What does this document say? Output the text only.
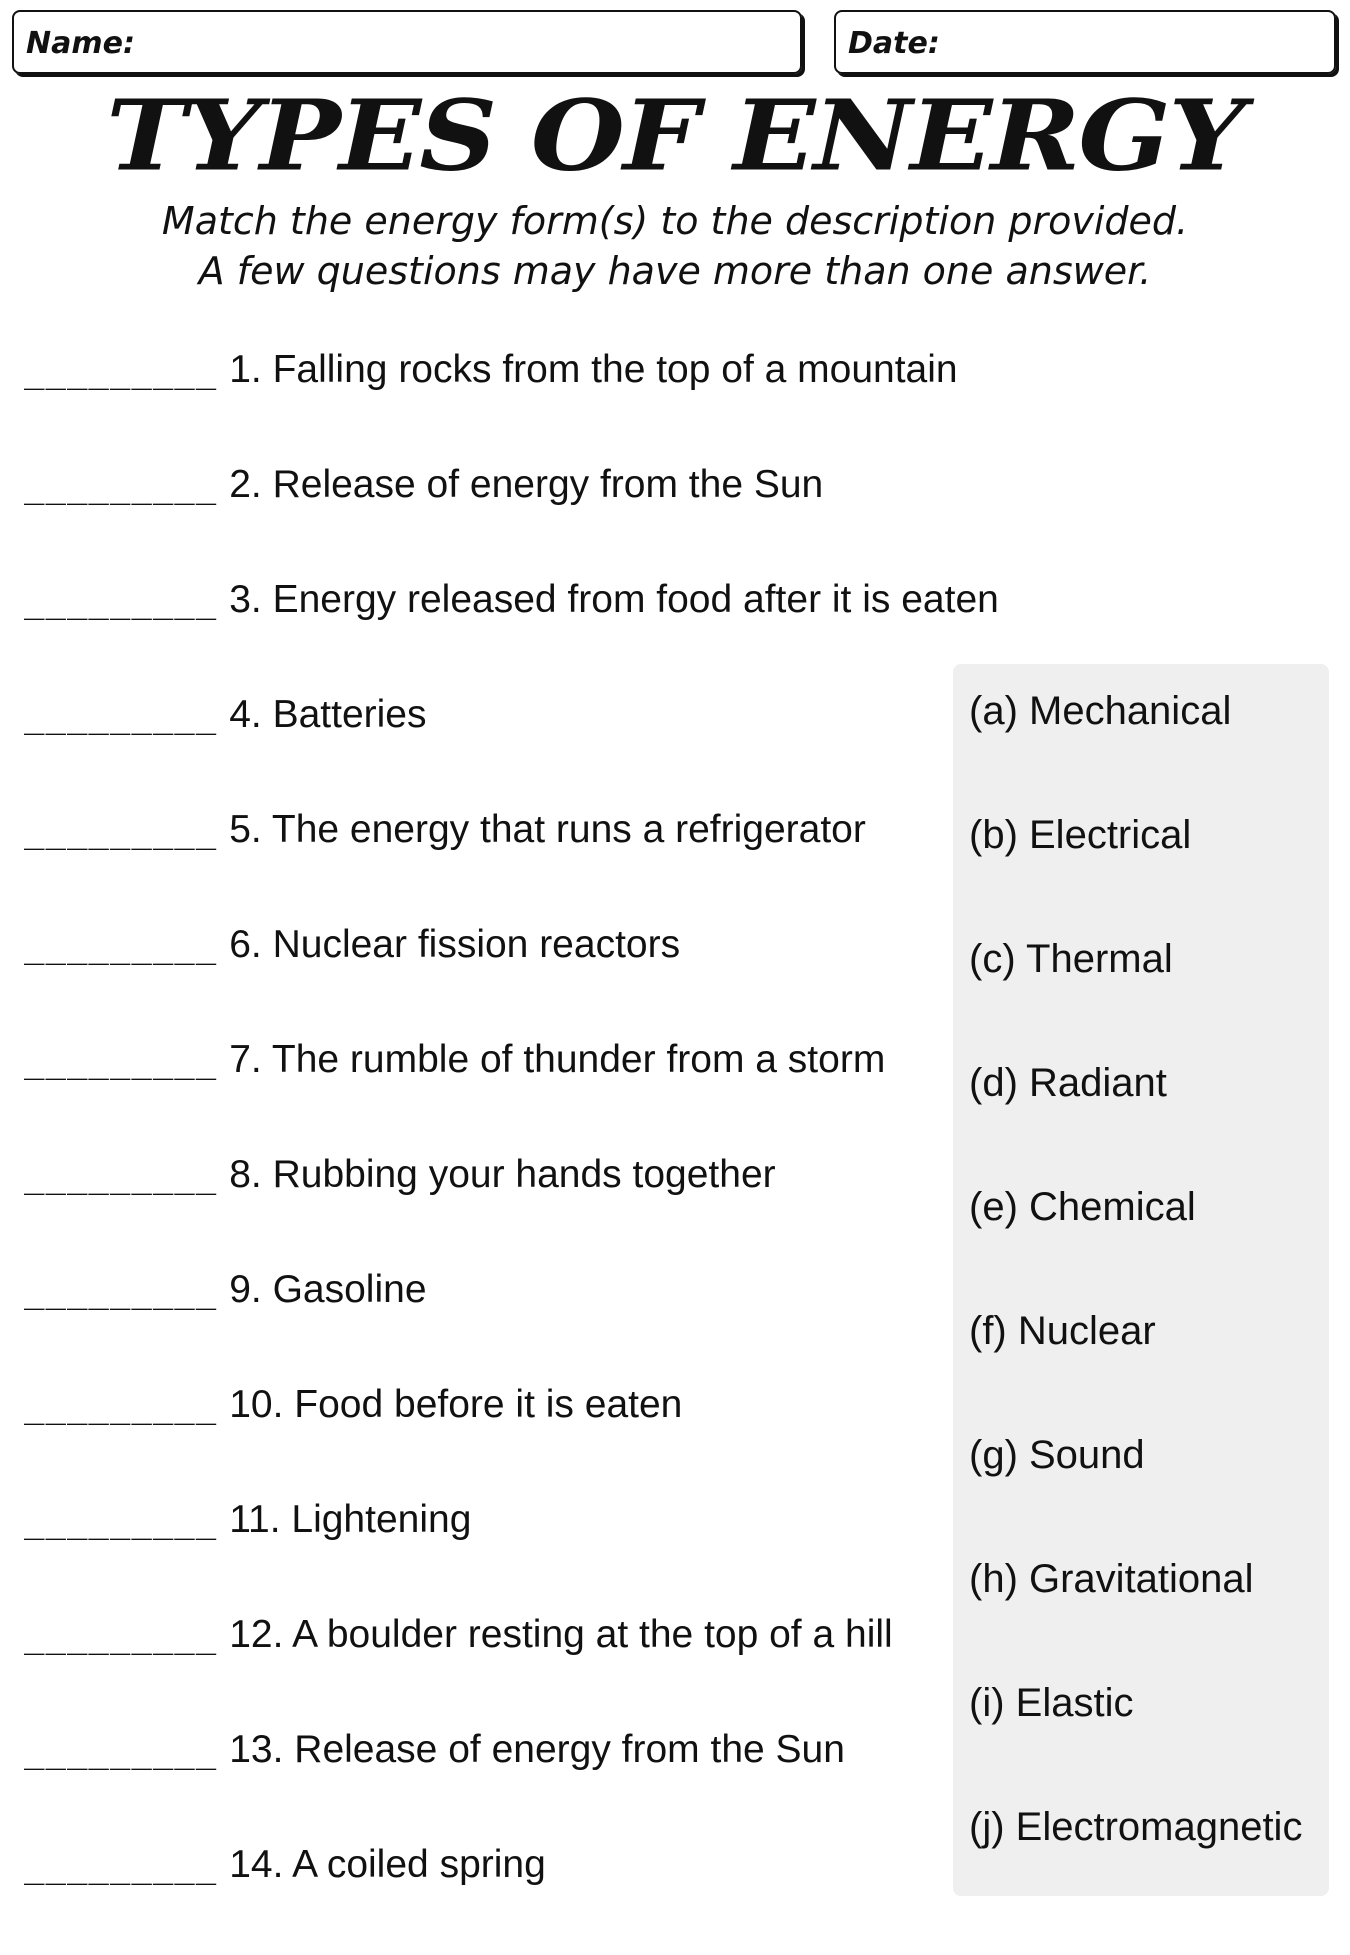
Name:	Date:
TYPES OF ENERGY
Match the energy form(s) to the description provided.
A few questions may have more than one answer.
_________ 1. Falling rocks from the top of a mountain
_________ 2. Release of energy from the Sun
_________ 3. Energy released from food after it is eaten
_________ 4. Batteries
_________ 5. The energy that runs a refrigerator
_________ 6. Nuclear fission reactors
_________ 7. The rumble of thunder from a storm
_________ 8. Rubbing your hands together
_________ 9. Gasoline
_________ 10. Food before it is eaten
_________ 11. Lightening
_________ 12. A boulder resting at the top of a hill
_________ 13. Release of energy from the Sun
_________ 14. A coiled spring
(a) Mechanical
(b) Electrical
(c) Thermal
(d) Radiant
(e) Chemical
(f) Nuclear
(g) Sound
(h) Gravitational
(i) Elastic
(j) Electromagnetic
